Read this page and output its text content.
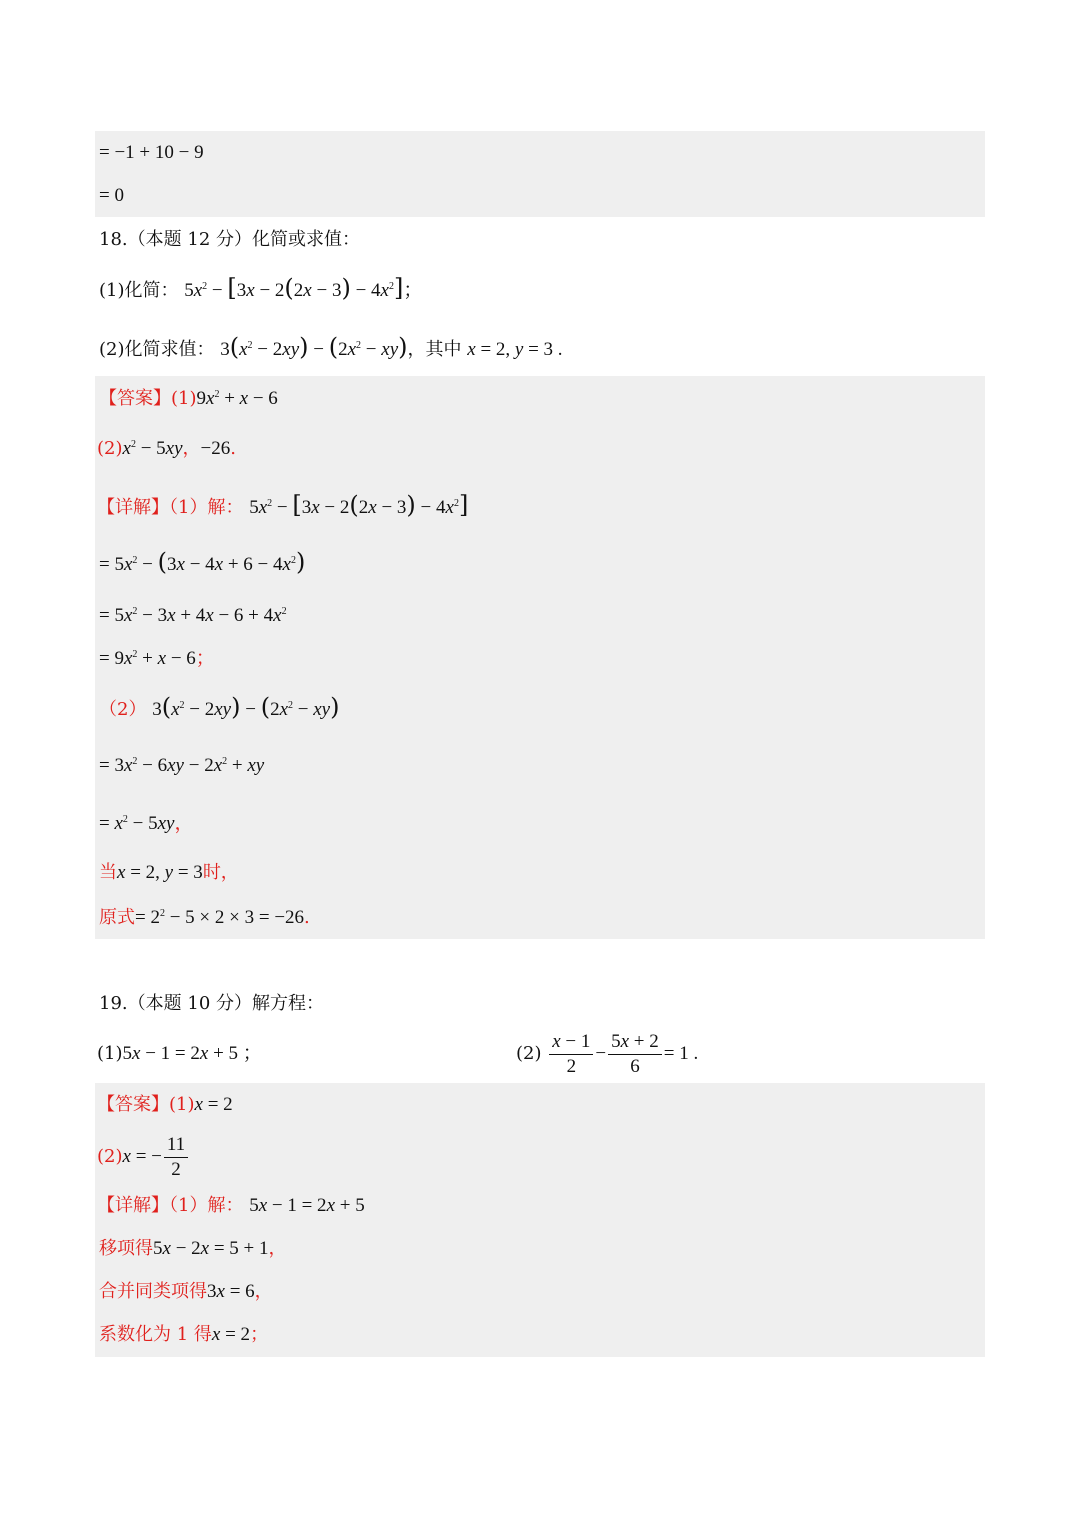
= −1 + 10 − 9
= 0
18.（本题 12 分）化简或求值：
(1)化简： $5x^2 - [3x - 2(2x - 3) - 4x^2]$；
(2)化简求值： $3(x^2 - 2xy) - (2x^2 - xy)$，其中 x = 2, y = 3 .
【答案】$(1)9x^2 + x - 6$
$(2)x^2 - 5xy$，−26.
【详解】（1）解： $5x^2 - [3x - 2(2x - 3) - 4x^2]$
= $5x^2 - (3x - 4x + 6 - 4x^2)$
= $5x^2 - 3x + 4x - 6 + 4x^2$
= $9x^2 + x - 6$；
（2） $3(x^2 - 2xy) - (2x^2 - xy)$
= $3x^2 - 6xy - 2x^2$ + xy
= $x^2 - 5xy$，
当x = 2, y = 3时，
原式= $2^2 - 5 \times 2 \times 3 = -26$.
19.（本题 10 分）解方程：
(1)5x − 1 = 2x + 5 ；	$(2) \frac{x - 1}{2} - \frac{5x + 2}{6} = 1$ .
【答案】(1)x = 2
(2)x = − $\frac{11}{2}$
【详解】（1）解： 5x − 1 = 2x + 5
移项得5x − 2x = 5 + 1，
合并同类项得3x = 6，
系数化为 1 得x = 2；
